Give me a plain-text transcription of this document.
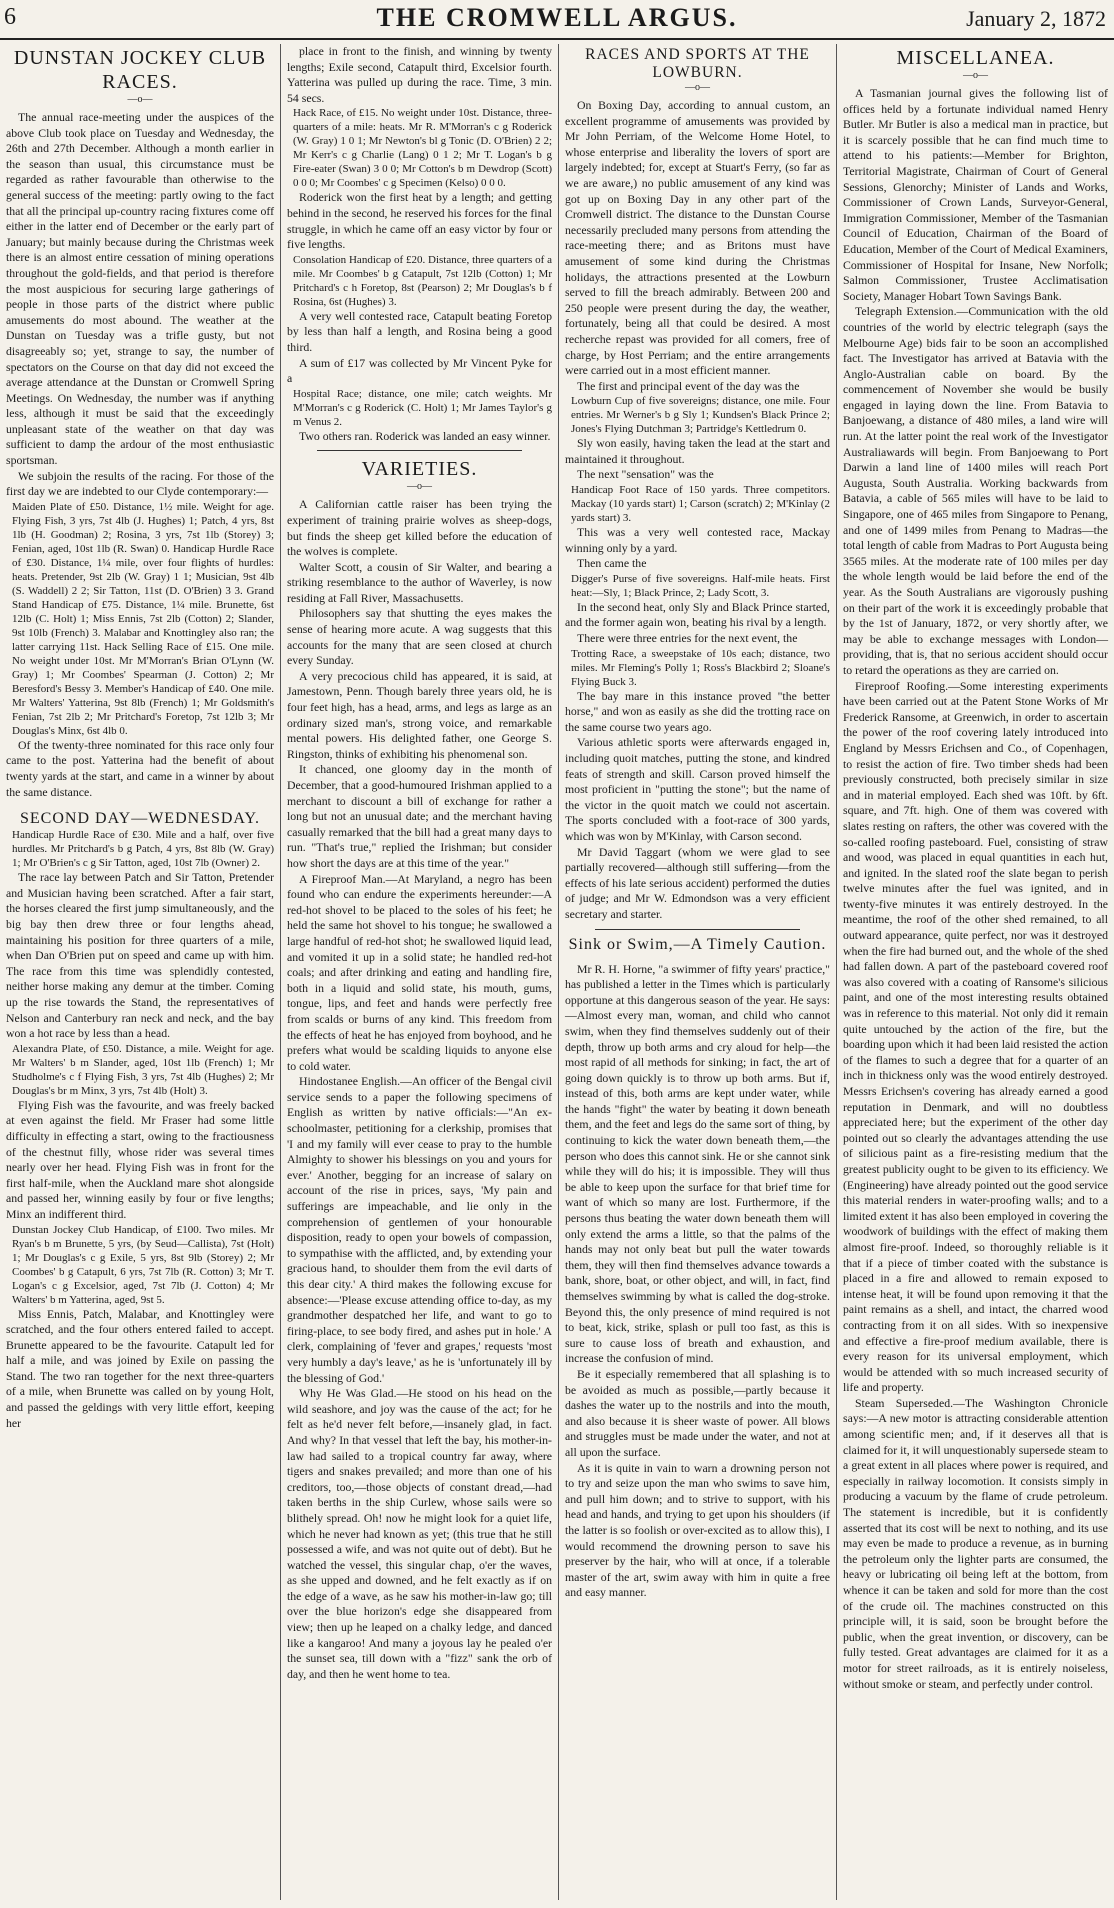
6	THE CROMWELL ARGUS.	January 2, 1872
DUNSTAN JOCKEY CLUB RACES.
—o—

The annual race-meeting under the auspices of the above Club took place on Tuesday and Wednesday, the 26th and 27th December. Although a month earlier in the season than usual, this circumstance must be regarded as rather favourable than otherwise to the general success of the meeting: partly owing to the fact that all the principal up-country racing fixtures come off either in the latter end of December or the early part of January; but mainly because during the Christmas week there is an almost entire cessation of mining operations throughout the gold-fields, and that period is therefore the most auspicious for securing large gatherings of people in those parts of the district where public amusements do most abound. The weather at the Dunstan on Tuesday was a trifle gusty, but not disagreeably so; yet, strange to say, the number of spectators on the Course on that day did not exceed the average attendance at the Dunstan or Cromwell Spring Meetings. On Wednesday, the number was if anything less, although it must be said that the exceedingly unpleasant state of the weather on that day was sufficient to damp the ardour of the most enthusiastic sportsman.

We subjoin the results of the racing. For those of the first day we are indebted to our Clyde contemporary:—

Maiden Plate of £50. Distance, 1½ mile. Weight for age. Flying Fish, 3 yrs, 7st 4lb (J. Hughes) 1; Patch, 4 yrs, 8st 1lb (H. Goodman) 2; Rosina, 3 yrs, 7st 1lb (Storey) 3; Fenian, aged, 10st 1lb (R. Swan) 0. Handicap Hurdle Race of £30. Distance, 1¼ mile, over four flights of hurdles: heats. Pretender, 9st 2lb (W. Gray) 1 1; Musician, 9st 4lb (S. Waddell) 2 2; Sir Tatton, 11st (D. O'Brien) 3 3. Grand Stand Handicap of £75. Distance, 1¼ mile. Brunette, 6st 12lb (C. Holt) 1; Miss Ennis, 7st 2lb (Cotton) 2; Slander, 9st 10lb (French) 3. Malabar and Knottingley also ran; the latter carrying 11st. Hack Selling Race of £15. One mile. No weight under 10st. Mr M'Morran's Brian O'Lynn (W. Gray) 1; Mr Coombes' Spearman (J. Cotton) 2; Mr Beresford's Bessy 3. Member's Handicap of £40. One mile. Mr Walters' Yatterina, 9st 8lb (French) 1; Mr Goldsmith's Fenian, 7st 2lb 2; Mr Pritchard's Foretop, 7st 12lb 3; Mr Douglas's Minx, 6st 4lb 0.

Of the twenty-three nominated for this race only four came to the post. Yatterina had the benefit of about twenty yards at the start, and came in a winner by about the same distance.

SECOND DAY—WEDNESDAY.

Handicap Hurdle Race of £30. Mile and a half, over five hurdles. Mr Pritchard's b g Patch, 4 yrs, 8st 8lb (W. Gray) 1; Mr O'Brien's c g Sir Tatton, aged, 10st 7lb (Owner) 2.

The race lay between Patch and Sir Tatton, Pretender and Musician having been scratched. After a fair start, the horses cleared the first jump simultaneously, and the big bay then drew three or four lengths ahead, maintaining his position for three quarters of a mile, when Dan O'Brien put on speed and came up with him. The race from this time was splendidly contested, neither horse making any demur at the timber. Coming up the rise towards the Stand, the representatives of Nelson and Canterbury ran neck and neck, and the bay won a hot race by less than a head.

Alexandra Plate, of £50. Distance, a mile. Weight for age. Mr Walters' b m Slander, aged, 10st 1lb (French) 1; Mr Studholme's c f Flying Fish, 3 yrs, 7st 4lb (Hughes) 2; Mr Douglas's br m Minx, 3 yrs, 7st 4lb (Holt) 3.

Flying Fish was the favourite, and was freely backed at even against the field. Mr Fraser had some little difficulty in effecting a start, owing to the fractiousness of the chestnut filly, whose rider was several times nearly over her head. Flying Fish was in front for the first half-mile, when the Auckland mare shot alongside and passed her, winning easily by four or five lengths; Minx an indifferent third.

Dunstan Jockey Club Handicap, of £100. Two miles. Mr Ryan's b m Brunette, 5 yrs, (by Seud—Callista), 7st (Holt) 1; Mr Douglas's c g Exile, 5 yrs, 8st 9lb (Storey) 2; Mr Coombes' b g Catapult, 6 yrs, 7st 7lb (R. Cotton) 3; Mr T. Logan's c g Excelsior, aged, 7st 7lb (J. Cotton) 4; Mr Walters' b m Yatterina, aged, 9st 5.

Miss Ennis, Patch, Malabar, and Knottingley were scratched, and the four others entered failed to accept. Brunette appeared to be the favourite. Catapult led for half a mile, and was joined by Exile on passing the Stand. The two ran together for the next three-quarters of a mile, when Brunette was called on by young Holt, and passed the geldings with very little effort, keeping her

place in front to the finish, and winning by twenty lengths; Exile second, Catapult third, Excelsior fourth. Yatterina was pulled up during the race. Time, 3 min. 54 secs.

Hack Race, of £15. No weight under 10st. Distance, three-quarters of a mile: heats. Mr R. M'Morran's c g Roderick (W. Gray) 1 0 1; Mr Newton's bl g Tonic (D. O'Brien) 2 2; Mr Kerr's c g Charlie (Lang) 0 1 2; Mr T. Logan's b g Fire-eater (Swan) 3 0 0; Mr Cotton's b m Dewdrop (Scott) 0 0 0; Mr Coombes' c g Specimen (Kelso) 0 0 0.

Roderick won the first heat by a length; and getting behind in the second, he reserved his forces for the final struggle, in which he came off an easy victor by four or five lengths.

Consolation Handicap of £20. Distance, three quarters of a mile. Mr Coombes' b g Catapult, 7st 12lb (Cotton) 1; Mr Pritchard's c h Foretop, 8st (Pearson) 2; Mr Douglas's b f Rosina, 6st (Hughes) 3.

A very well contested race, Catapult beating Foretop by less than half a length, and Rosina being a good third.

A sum of £17 was collected by Mr Vincent Pyke for a

Hospital Race; distance, one mile; catch weights. Mr M'Morran's c g Roderick (C. Holt) 1; Mr James Taylor's g m Venus 2.

Two others ran. Roderick was landed an easy winner.

VARIETIES.
—o—

A Californian cattle raiser has been trying the experiment of training prairie wolves as sheep-dogs, but finds the sheep get killed before the education of the wolves is complete.

Walter Scott, a cousin of Sir Walter, and bearing a striking resemblance to the author of Waverley, is now residing at Fall River, Massachusetts.

Philosophers say that shutting the eyes makes the sense of hearing more acute. A wag suggests that this accounts for the many that are seen closed at church every Sunday.

A very precocious child has appeared, it is said, at Jamestown, Penn. Though barely three years old, he is four feet high, has a head, arms, and legs as large as an ordinary sized man's, strong voice, and remarkable mental powers. His delighted father, one George S. Ringston, thinks of exhibiting his phenomenal son.

It chanced, one gloomy day in the month of December, that a good-humoured Irishman applied to a merchant to discount a bill of exchange for rather a long but not an unusual date; and the merchant having casually remarked that the bill had a great many days to run. "That's true," replied the Irishman; but consider how short the days are at this time of the year."

A Fireproof Man.—At Maryland, a negro has been found who can endure the experiments hereunder:—A red-hot shovel to be placed to the soles of his feet; he held the same hot shovel to his tongue; he swallowed a large handful of red-hot shot; he swallowed liquid lead, and vomited it up in a solid state; he handled red-hot coals; and after drinking and eating and handling fire, both in a liquid and solid state, his mouth, gums, tongue, lips, and feet and hands were perfectly free from scalds or burns of any kind. This freedom from the effects of heat he has enjoyed from boyhood, and he prefers what would be scalding liquids to anyone else to cold water.

Hindostanee English.—An officer of the Bengal civil service sends to a paper the following specimens of English as written by native officials:—"An ex-schoolmaster, petitioning for a clerkship, promises that 'I and my family will ever cease to pray to the humble Almighty to shower his blessings on you and yours for ever.' Another, begging for an increase of salary on account of the rise in prices, says, 'My pain and sufferings are impeachable, and lie only in the comprehension of gentlemen of your honourable disposition, ready to open your bowels of compassion, to sympathise with the afflicted, and, by extending your gracious hand, to shoulder them from the evil darts of this dear city.' A third makes the following excuse for absence:—'Please excuse attending office to-day, as my grandmother despatched her life, and want to go to firing-place, to see body fired, and ashes put in hole.' A clerk, complaining of 'fever and grapes,' requests 'most very humbly a day's leave,' as he is 'unfortunately ill by the blessing of God.'

Why He Was Glad.—He stood on his head on the wild seashore, and joy was the cause of the act; for he felt as he'd never felt before,—insanely glad, in fact. And why? In that vessel that left the bay, his mother-in-law had sailed to a tropical country far away, where tigers and snakes prevailed; and more than one of his creditors, too,—those objects of constant dread,—had taken berths in the ship Curlew, whose sails were so blithely spread. Oh! now he might look for a quiet life, which he never had known as yet; (this true that he still possessed a wife, and was not quite out of debt). But he watched the vessel, this singular chap, o'er the waves, as she upped and downed, and he felt exactly as if on the edge of a wave, as he saw his mother-in-law go; till over the blue horizon's edge she disappeared from view; then up he leaped on a chalky ledge, and danced like a kangaroo! And many a joyous lay he pealed o'er the sunset sea, till down with a "fizz" sank the orb of day, and then he went home to tea.

RACES AND SPORTS AT THE LOWBURN.
—o—

On Boxing Day, according to annual custom, an excellent programme of amusements was provided by Mr John Perriam, of the Welcome Home Hotel, to whose enterprise and liberality the lovers of sport are largely indebted; for, except at Stuart's Ferry, (so far as we are aware,) no public amusement of any kind was got up on Boxing Day in any other part of the Cromwell district. The distance to the Dunstan Course necessarily precluded many persons from attending the race-meeting there; and as Britons must have amusement of some kind during the Christmas holidays, the attractions presented at the Lowburn served to fill the breach admirably. Between 200 and 250 people were present during the day, the weather, fortunately, being all that could be desired. A most recherche repast was provided for all comers, free of charge, by Host Perriam; and the entire arrangements were carried out in a most efficient manner.

The first and principal event of the day was the

Lowburn Cup of five sovereigns; distance, one mile. Four entries. Mr Werner's b g Sly 1; Kundsen's Black Prince 2; Jones's Flying Dutchman 3; Partridge's Kettledrum 0.

Sly won easily, having taken the lead at the start and maintained it throughout.

The next "sensation" was the

Handicap Foot Race of 150 yards. Three competitors. Mackay (10 yards start) 1; Carson (scratch) 2; M'Kinlay (2 yards start) 3.

This was a very well contested race, Mackay winning only by a yard.

Then came the

Digger's Purse of five sovereigns. Half-mile heats. First heat:—Sly, 1; Black Prince, 2; Lady Scott, 3.

In the second heat, only Sly and Black Prince started, and the former again won, beating his rival by a length.

There were three entries for the next event, the

Trotting Race, a sweepstake of 10s each; distance, two miles. Mr Fleming's Polly 1; Ross's Blackbird 2; Sloane's Flying Buck 3.

The bay mare in this instance proved "the better horse," and won as easily as she did the trotting race on the same course two years ago.

Various athletic sports were afterwards engaged in, including quoit matches, putting the stone, and kindred feats of strength and skill. Carson proved himself the most proficient in "putting the stone"; but the name of the victor in the quoit match we could not ascertain. The sports concluded with a foot-race of 300 yards, which was won by M'Kinlay, with Carson second.

Mr David Taggart (whom we were glad to see partially recovered—although still suffering—from the effects of his late serious accident) performed the duties of judge; and Mr W. Edmondson was a very efficient secretary and starter.

Sink or Swim,—A Timely Caution.

Mr R. H. Horne, "a swimmer of fifty years' practice," has published a letter in the Times which is particularly opportune at this dangerous season of the year. He says:—Almost every man, woman, and child who cannot swim, when they find themselves suddenly out of their depth, throw up both arms and cry aloud for help—the most rapid of all methods for sinking; in fact, the art of going down quickly is to throw up both arms. But if, instead of this, both arms are kept under water, while the hands "fight" the water by beating it down beneath them, and the feet and legs do the same sort of thing, by continuing to kick the water down beneath them,—the person who does this cannot sink. He or she cannot sink while they will do his; it is impossible. They will thus be able to keep upon the surface for that brief time for want of which so many are lost. Furthermore, if the persons thus beating the water down beneath them will only extend the arms a little, so that the palms of the hands may not only beat but pull the water towards them, they will then find themselves advance towards a bank, shore, boat, or other object, and will, in fact, find themselves swimming by what is called the dog-stroke. Beyond this, the only presence of mind required is not to beat, kick, strike, splash or pull too fast, as this is sure to cause loss of breath and exhaustion, and increase the confusion of mind.

Be it especially remembered that all splashing is to be avoided as much as possible,—partly because it dashes the water up to the nostrils and into the mouth, and also because it is sheer waste of power. All blows and struggles must be made under the water, and not at all upon the surface.

As it is quite in vain to warn a drowning person not to try and seize upon the man who swims to save him, and pull him down; and to strive to support, with his head and hands, and trying to get upon his shoulders (if the latter is so foolish or over-excited as to allow this), I would recommend the drowning person to save his preserver by the hair, who will at once, if a tolerable master of the art, swim away with him in quite a free and easy manner.

MISCELLANEA.
—o—

A Tasmanian journal gives the following list of offices held by a fortunate individual named Henry Butler. Mr Butler is also a medical man in practice, but it is scarcely possible that he can find much time to attend to his patients:—Member for Brighton, Territorial Magistrate, Chairman of Court of General Sessions, Glenorchy; Minister of Lands and Works, Commissioner of Crown Lands, Surveyor-General, Immigration Commissioner, Member of the Tasmanian Council of Education, Chairman of the Board of Education, Member of the Court of Medical Examiners, Commissioner of Hospital for Insane, New Norfolk; Salmon Commissioner, Trustee Acclimatisation Society, Manager Hobart Town Savings Bank.

Telegraph Extension.—Communication with the old countries of the world by electric telegraph (says the Melbourne Age) bids fair to be soon an accomplished fact. The Investigator has arrived at Batavia with the Anglo-Australian cable on board. By the commencement of November she would be busily engaged in laying down the line. From Batavia to Banjoewang, a distance of 480 miles, a land wire will run. At the latter point the real work of the Investigator Australiawards will begin. From Banjoewang to Port Darwin a land line of 1400 miles will reach Port Augusta, South Australia. Working backwards from Batavia, a cable of 565 miles will have to be laid to Singapore, one of 465 miles from Singapore to Penang, and one of 1499 miles from Penang to Madras—the total length of cable from Madras to Port Augusta being 3565 miles. At the moderate rate of 100 miles per day the whole length would be laid before the end of the year. As the South Australians are vigorously pushing on their part of the work it is exceedingly probable that by the 1st of January, 1872, or very shortly after, we may be able to exchange messages with London—providing, that is, that no serious accident should occur to retard the operations as they are carried on.

Fireproof Roofing.—Some interesting experiments have been carried out at the Patent Stone Works of Mr Frederick Ransome, at Greenwich, in order to ascertain the power of the roof covering lately introduced into England by Messrs Erichsen and Co., of Copenhagen, to resist the action of fire. Two timber sheds had been previously constructed, both precisely similar in size and in material employed. Each shed was 10ft. by 6ft. square, and 7ft. high. One of them was covered with slates resting on rafters, the other was covered with the so-called roofing pasteboard. Fuel, consisting of straw and wood, was placed in equal quantities in each hut, and ignited. In the slated roof the slate began to perish twelve minutes after the fuel was ignited, and in twenty-five minutes it was entirely destroyed. In the meantime, the roof of the other shed remained, to all outward appearance, quite perfect, nor was it destroyed when the fire had burned out, and the whole of the shed had fallen down. A part of the pasteboard covered roof was also covered with a coating of Ransome's silicious paint, and one of the most interesting results obtained was in reference to this material. Not only did it remain quite untouched by the action of the fire, but the boarding upon which it had been laid resisted the action of the flames to such a degree that for a quarter of an inch in thickness only was the wood entirely destroyed. Messrs Erichsen's covering has already earned a good reputation in Denmark, and will no doubtless appreciated here; but the experiment of the other day pointed out so clearly the advantages attending the use of silicious paint as a fire-resisting medium that the greatest publicity ought to be given to its efficiency. We (Engineering) have already pointed out the good service this material renders in water-proofing walls; and to a limited extent it has also been employed in covering the woodwork of buildings with the effect of making them almost fire-proof. Indeed, so thoroughly reliable is it that if a piece of timber coated with the substance is placed in a fire and allowed to remain exposed to intense heat, it will be found upon removing it that the paint remains as a shell, and intact, the charred wood contracting from it on all sides. With so inexpensive and effective a fire-proof medium available, there is every reason for its universal employment, which would be attended with so much increased security of life and property.

Steam Superseded.—The Washington Chronicle says:—A new motor is attracting considerable attention among scientific men; and, if it deserves all that is claimed for it, it will unquestionably supersede steam to a great extent in all places where power is required, and especially in railway locomotion. It consists simply in producing a vacuum by the flame of crude petroleum. The statement is incredible, but it is confidently asserted that its cost will be next to nothing, and its use may even be made to produce a revenue, as in burning the petroleum only the lighter parts are consumed, the heavy or lubricating oil being left at the bottom, from whence it can be taken and sold for more than the cost of the crude oil. The machines constructed on this principle will, it is said, soon be brought before the public, when the great invention, or discovery, can be fully tested. Great advantages are claimed for it as a motor for street railroads, as it is entirely noiseless, without smoke or steam, and perfectly under control.
